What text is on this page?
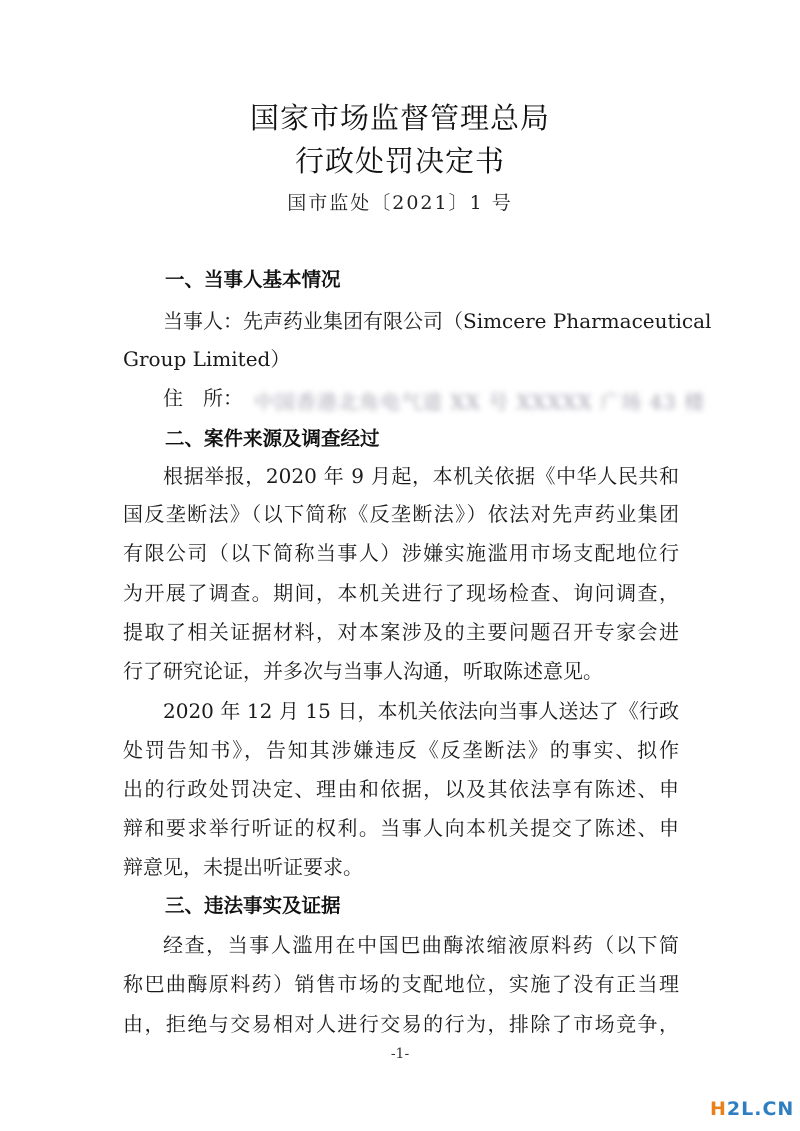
国家市场监督管理总局
行政处罚决定书
国市监处〔2021〕1 号
一、当事人基本情况
当事人：先声药业集团有限公司（Simcere Pharmaceutical
Group Limited）
住　所： 中国香港北角电气道 XX 号 XXXXX 广场 43 楼
二、案件来源及调查经过
根据举报，2020 年 9 月起，本机关依据《中华人民共和
国反垄断法》（以下简称《反垄断法》）依法对先声药业集团
有限公司（以下简称当事人）涉嫌实施滥用市场支配地位行
为开展了调查。期间，本机关进行了现场检查、询问调查，
提取了相关证据材料，对本案涉及的主要问题召开专家会进
行了研究论证，并多次与当事人沟通，听取陈述意见。
2020 年 12 月 15 日，本机关依法向当事人送达了《行政
处罚告知书》，告知其涉嫌违反《反垄断法》的事实、拟作
出的行政处罚决定、理由和依据，以及其依法享有陈述、申
辩和要求举行听证的权利。当事人向本机关提交了陈述、申
辩意见，未提出听证要求。
三、违法事实及证据
经查，当事人滥用在中国巴曲酶浓缩液原料药（以下简
称巴曲酶原料药）销售市场的支配地位，实施了没有正当理
由，拒绝与交易相对人进行交易的行为，排除了市场竞争，
-1-
H2L.CN
